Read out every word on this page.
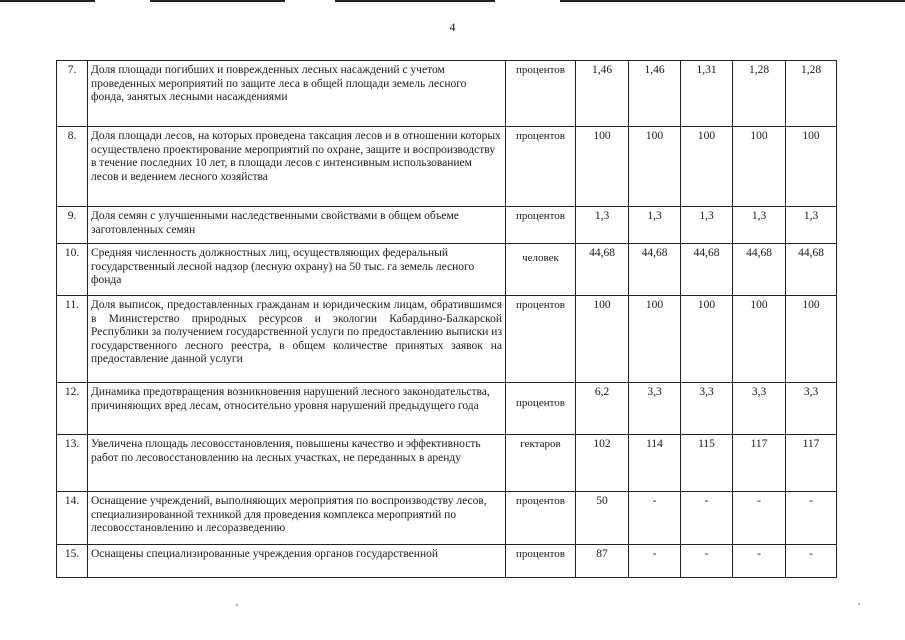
4
7.	Доля площади погибших и поврежденных лесных насаждений с учетом проведенных мероприятий по защите леса в общей площади земель лесного фонда, занятых лесными насаждениями	процентов	1,46	1,46	1,31	1,28	1,28
8.	Доля площади лесов, на которых проведена таксация лесов и в отношении которых осуществлено проектирование мероприятий по охране, защите и воспроизводству в течение последних 10 лет, в площади лесов с интенсивным использованием лесов и ведением лесного хозяйства	процентов	100	100	100	100	100
9.	Доля семян с улучшенными наследственными свойствами в общем объеме заготовленных семян	процентов	1,3	1,3	1,3	1,3	1,3
10.	Средняя численность должностных лиц, осуществляющих федеральный государственный лесной надзор (лесную охрану) на 50 тыс. га земель лесного фонда	человек	44,68	44,68	44,68	44,68	44,68
11.	Доля выписок, предоставленных гражданам и юридическим лицам, обратившимся в Министерство природных ресурсов и экологии Кабардино-Балкарской Республики за получением государственной услуги по предоставлению выписки из государственного лесного реестра, в общем количестве принятых заявок на предоставление данной услуги	процентов	100	100	100	100	100
12.	Динамика предотвращения возникновения нарушений лесного законодательства, причиняющих вред лесам, относительно уровня нарушений предыдущего года	процентов	6,2	3,3	3,3	3,3	3,3
13.	Увеличена площадь лесовосстановления, повышены качество и эффективность работ по лесовосстановлению на лесных участках, не переданных в аренду	гектаров	102	114	115	117	117
14.	Оснащение учреждений, выполняющих мероприятия по воспроизводству лесов, специализированной техникой для проведения комплекса мероприятий по лесовосстановлению и лесоразведению	процентов	50	-	-	-	-
15.	Оснащены специализированные учреждения органов государственной	процентов	87	-	-	-	-
